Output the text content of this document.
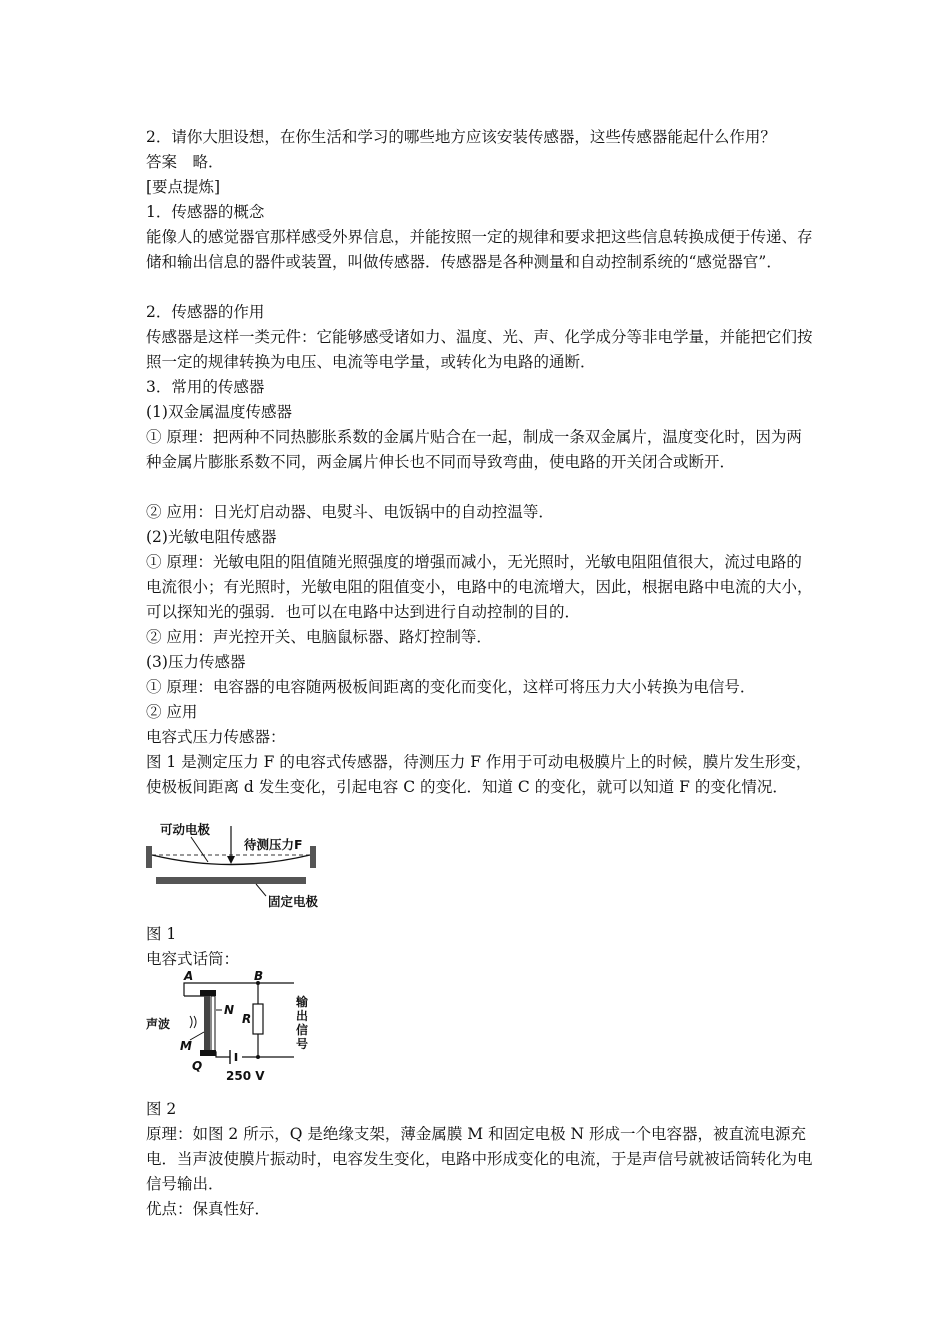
2．请你大胆设想，在你生活和学习的哪些地方应该安装传感器，这些传感器能起什么作用？
答案　略．
[要点提炼]
1．传感器的概念
能像人的感觉器官那样感受外界信息，并能按照一定的规律和要求把这些信息转换成便于传递、存储和输出信息的器件或装置，叫做传感器．传感器是各种测量和自动控制系统的“感觉器官”．
2．传感器的作用
传感器是这样一类元件：它能够感受诸如力、温度、光、声、化学成分等非电学量，并能把它们按照一定的规律转换为电压、电流等电学量，或转化为电路的通断．
3．常用的传感器
(1)双金属温度传感器
① 原理：把两种不同热膨胀系数的金属片贴合在一起，制成一条双金属片，温度变化时，因为两种金属片膨胀系数不同，两金属片伸长也不同而导致弯曲，使电路的开关闭合或断开．
② 应用：日光灯启动器、电熨斗、电饭锅中的自动控温等．
(2)光敏电阻传感器
① 原理：光敏电阻的阻值随光照强度的增强而减小，无光照时，光敏电阻阻值很大，流过电路的电流很小；有光照时，光敏电阻的阻值变小，电路中的电流增大，因此，根据电路中电流的大小，可以探知光的强弱．也可以在电路中达到进行自动控制的目的．
② 应用：声光控开关、电脑鼠标器、路灯控制等．
(3)压力传感器
① 原理：电容器的电容随两极板间距离的变化而变化，这样可将压力大小转换为电信号．
② 应用
电容式压力传感器：
图 1 是测定压力 F 的电容式传感器，待测压力 F 作用于可动电极膜片上的时候，膜片发生形变，使极板间距离 d 发生变化，引起电容 C 的变化．知道 C 的变化，就可以知道 F 的变化情况．
可动电极
待测压力F
固定电极
图 1
电容式话筒：
A	B
N
R
M
Q
声波
250 V
输
出
信
号
图 2
原理：如图 2 所示，Q 是绝缘支架，薄金属膜 M 和固定电极 N 形成一个电容器，被直流电源充电．当声波使膜片振动时，电容发生变化，电路中形成变化的电流，于是声信号就被话筒转化为电信号输出．
优点：保真性好．
